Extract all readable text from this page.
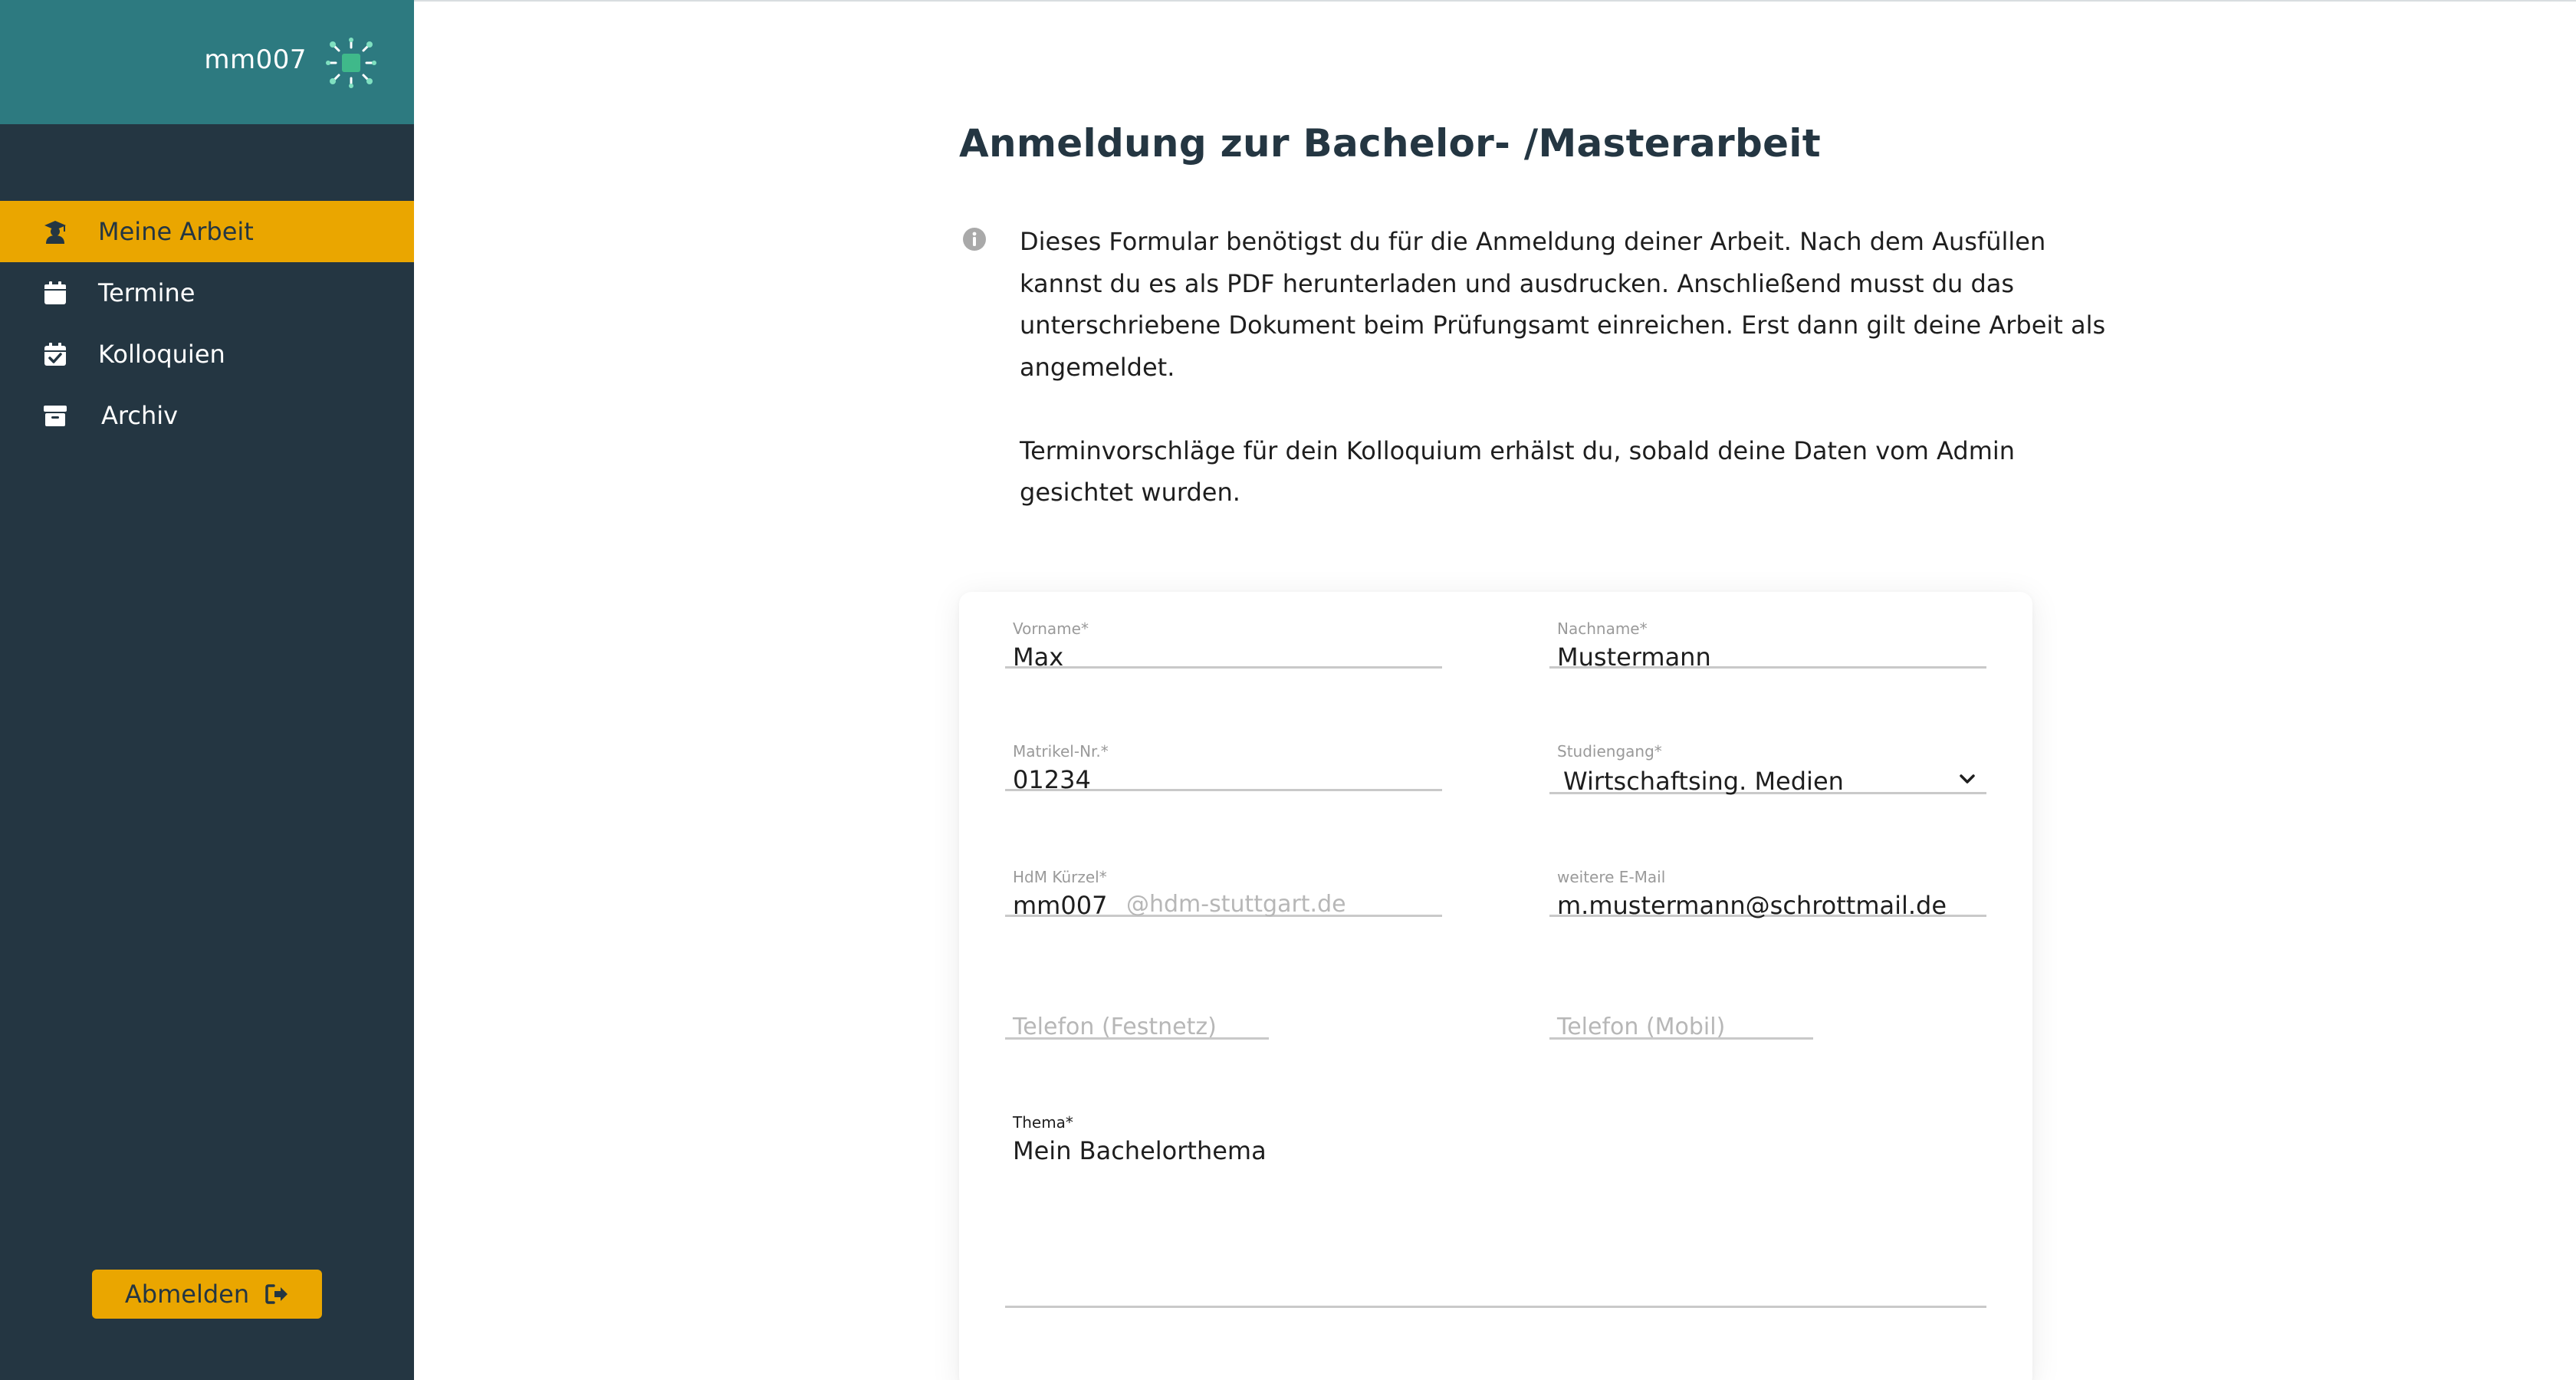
mm007
Meine Arbeit
Termine
Kolloquien
Archiv
Abmelden
Anmeldung zur Bachelor- /Masterarbeit

Dieses Formular benötigst du für die Anmeldung deiner Arbeit. Nach dem Ausfüllen kannst du es als PDF herunterladen und ausdrucken. Anschließend musst du das unterschriebene Dokument beim Prüfungsamt einreichen. Erst dann gilt deine Arbeit als angemeldet.

Terminvorschläge für dein Kolloquium erhälst du, sobald deine Daten vom Admin gesichtet wurden.

Vorname*
Max
Nachname*
Mustermann
Matrikel-Nr.*
01234
Studiengang*
Wirtschaftsing. Medien
HdM Kürzel*
mm007 @hdm-stuttgart.de
weitere E-Mail
m.mustermann@schrottmail.de
Telefon (Festnetz)	Telefon (Mobil)
Thema*
Mein Bachelorthema
